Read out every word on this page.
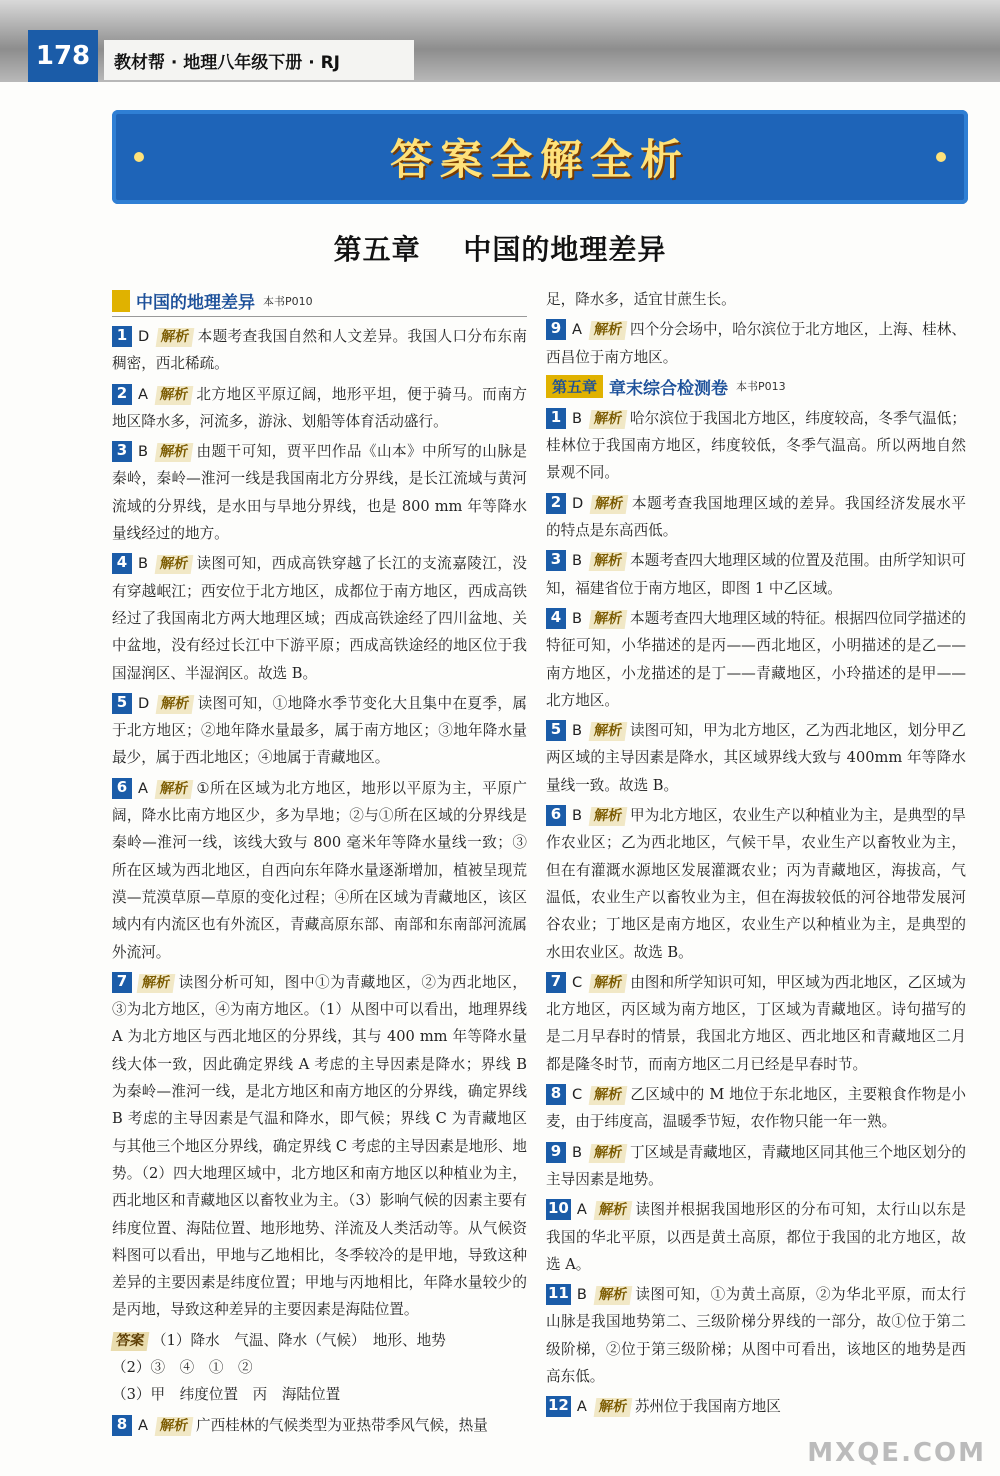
178	教材帮 · 地理八年级下册 · RJ
答案全解全析
第五章 中国的地理差异
中国的地理差异 本书P010
1 D 解析 本题考查我国自然和人文差异。我国人口分布东南稠密，西北稀疏。
2 A 解析 北方地区平原辽阔，地形平坦，便于骑马。而南方地区降水多，河流多，游泳、划船等体育活动盛行。
3 B 解析 由题干可知，贾平凹作品《山本》中所写的山脉是秦岭，秦岭—淮河一线是我国南北方分界线，是长江流域与黄河流域的分界线，是水田与旱地分界线，也是 800 mm 年等降水量线经过的地方。
4 B 解析 读图可知，西成高铁穿越了长江的支流嘉陵江，没有穿越岷江；西安位于北方地区，成都位于南方地区，西成高铁经过了我国南北方两大地理区域；西成高铁途经了四川盆地、关中盆地，没有经过长江中下游平原；西成高铁途经的地区位于我国湿润区、半湿润区。故选 B。
5 D 解析 读图可知，①地降水季节变化大且集中在夏季，属于北方地区；②地年降水量最多，属于南方地区；③地年降水量最少，属于西北地区；④地属于青藏地区。
6 A 解析 ①所在区域为北方地区，地形以平原为主，平原广阔，降水比南方地区少，多为旱地；②与①所在区域的分界线是秦岭—淮河一线，该线大致与 800 毫米年等降水量线一致；③所在区域为西北地区，自西向东年降水量逐渐增加，植被呈现荒漠—荒漠草原—草原的变化过程；④所在区域为青藏地区，该区域内有内流区也有外流区，青藏高原东部、南部和东南部河流属外流河。
7 解析 读图分析可知，图中①为青藏地区，②为西北地区，③为北方地区，④为南方地区。（1）从图中可以看出，地理界线 A 为北方地区与西北地区的分界线，其与 400 mm 年等降水量线大体一致，因此确定界线 A 考虑的主导因素是降水；界线 B 为秦岭—淮河一线，是北方地区和南方地区的分界线，确定界线 B 考虑的主导因素是气温和降水，即气候；界线 C 为青藏地区与其他三个地区分界线，确定界线 C 考虑的主导因素是地形、地势。（2）四大地理区域中，北方地区和南方地区以种植业为主，西北地区和青藏地区以畜牧业为主。（3）影响气候的因素主要有纬度位置、海陆位置、地形地势、洋流及人类活动等。从气候资料图可以看出，甲地与乙地相比，冬季较冷的是甲地，导致这种差异的主要因素是纬度位置；甲地与丙地相比，年降水量较少的是丙地，导致这种差异的主要因素是海陆位置。
答案 （1）降水　气温、降水（气候）　地形、地势
（2）③　④　①　②
（3）甲　纬度位置　丙　海陆位置
8 A 解析 广西桂林的气候类型为亚热带季风气候，热量
足，降水多，适宜甘蔗生长。
9 A 解析 四个分会场中，哈尔滨位于北方地区，上海、桂林、西昌位于南方地区。
第五章 章末综合检测卷 本书P013
1 B 解析 哈尔滨位于我国北方地区，纬度较高，冬季气温低；桂林位于我国南方地区，纬度较低，冬季气温高。所以两地自然景观不同。
2 D 解析 本题考查我国地理区域的差异。我国经济发展水平的特点是东高西低。
3 B 解析 本题考查四大地理区域的位置及范围。由所学知识可知，福建省位于南方地区，即图 1 中乙区域。
4 B 解析 本题考查四大地理区域的特征。根据四位同学描述的特征可知，小华描述的是丙——西北地区，小明描述的是乙——南方地区，小龙描述的是丁——青藏地区，小玲描述的是甲——北方地区。
5 B 解析 读图可知，甲为北方地区，乙为西北地区，划分甲乙两区域的主导因素是降水，其区域界线大致与 400mm 年等降水量线一致。故选 B。
6 B 解析 甲为北方地区，农业生产以种植业为主，是典型的旱作农业区；乙为西北地区，气候干旱，农业生产以畜牧业为主，但在有灌溉水源地区发展灌溉农业；丙为青藏地区，海拔高，气温低，农业生产以畜牧业为主，但在海拔较低的河谷地带发展河谷农业；丁地区是南方地区，农业生产以种植业为主，是典型的水田农业区。故选 B。
7 C 解析 由图和所学知识可知，甲区域为西北地区，乙区域为北方地区，丙区域为南方地区，丁区域为青藏地区。诗句描写的是二月早春时的情景，我国北方地区、西北地区和青藏地区二月都是隆冬时节，而南方地区二月已经是早春时节。
8 C 解析 乙区域中的 M 地位于东北地区，主要粮食作物是小麦，由于纬度高，温暖季节短，农作物只能一年一熟。
9 B 解析 丁区域是青藏地区，青藏地区同其他三个地区划分的主导因素是地势。
10 A 解析 读图并根据我国地形区的分布可知，太行山以东是我国的华北平原，以西是黄土高原，都位于我国的北方地区，故选 A。
11 B 解析 读图可知，①为黄土高原，②为华北平原，而太行山脉是我国地势第二、三级阶梯分界线的一部分，故①位于第二级阶梯，②位于第三级阶梯；从图中可看出，该地区的地势是西高东低。
12 A 解析 苏州位于我国南方地区
MXQE.COM
